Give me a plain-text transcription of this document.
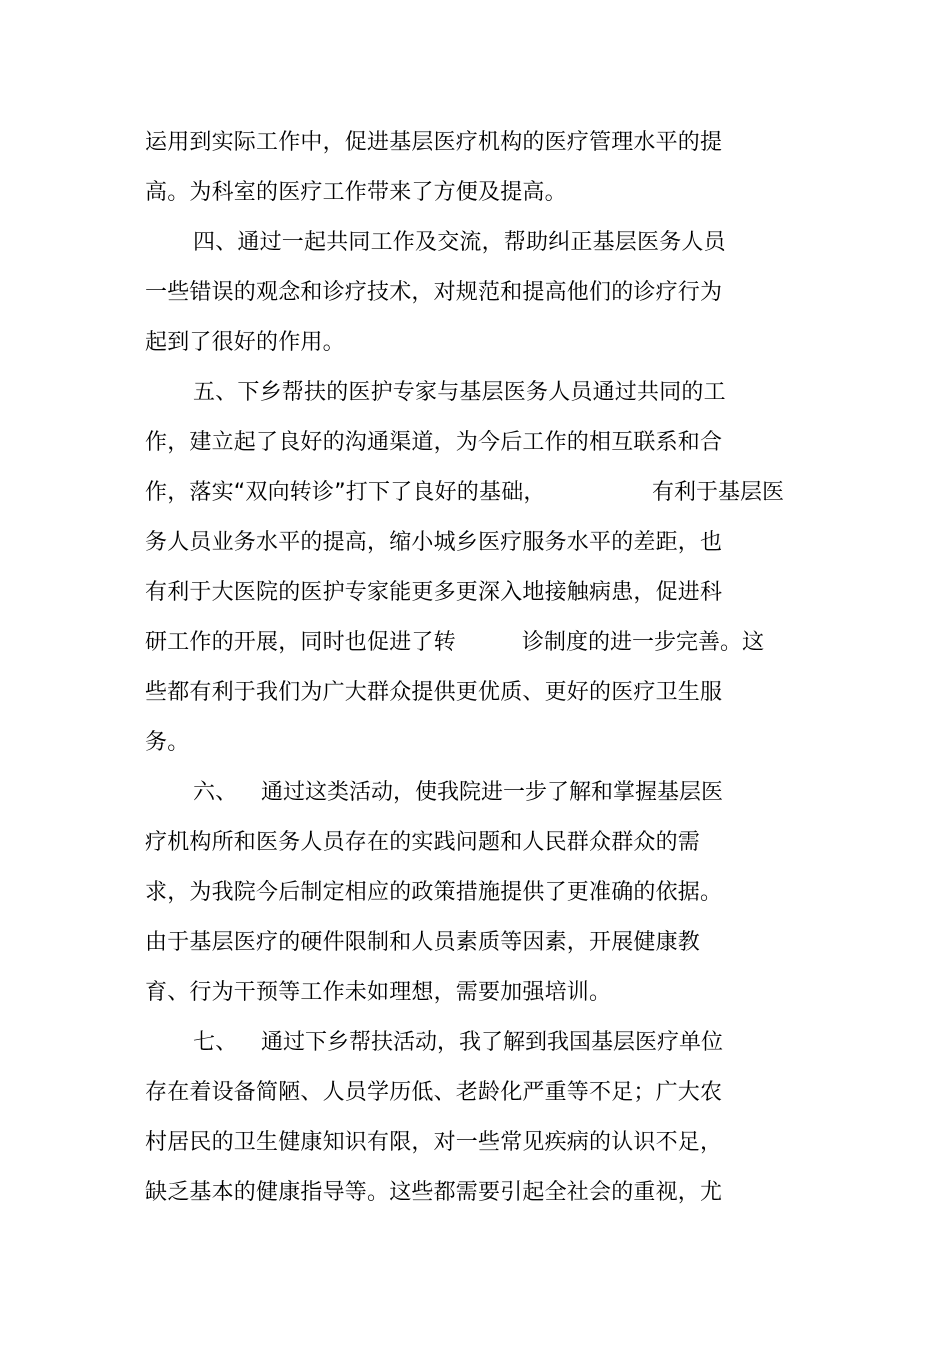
运用到实际工作中，促进基层医疗机构的医疗管理水平的提
高。为科室的医疗工作带来了方便及提高。
四、通过一起共同工作及交流，帮助纠正基层医务人员
一些错误的观念和诊疗技术，对规范和提高他们的诊疗行为
起到了很好的作用。
五、下乡帮扶的医护专家与基层医务人员通过共同的工
作，建立起了良好的沟通渠道，为今后工作的相互联系和合
作，落实“双向转诊”打下了良好的基础，	有利于基层医
务人员业务水平的提高，缩小城乡医疗服务水平的差距，也
有利于大医院的医护专家能更多更深入地接触病患，促进科
研工作的开展，同时也促进了转	诊制度的进一步完善。这
些都有利于我们为广大群众提供更优质、更好的医疗卫生服
务。
六、 通过这类活动，使我院进一步了解和掌握基层医
疗机构所和医务人员存在的实践问题和人民群众群众的需
求，为我院今后制定相应的政策措施提供了更准确的依据。
由于基层医疗的硬件限制和人员素质等因素，开展健康教
育、行为干预等工作未如理想，需要加强培训。
七、 通过下乡帮扶活动，我了解到我国基层医疗单位
存在着设备简陋、人员学历低、老龄化严重等不足；广大农
村居民的卫生健康知识有限，对一些常见疾病的认识不足，
缺乏基本的健康指导等。这些都需要引起全社会的重视，尤
